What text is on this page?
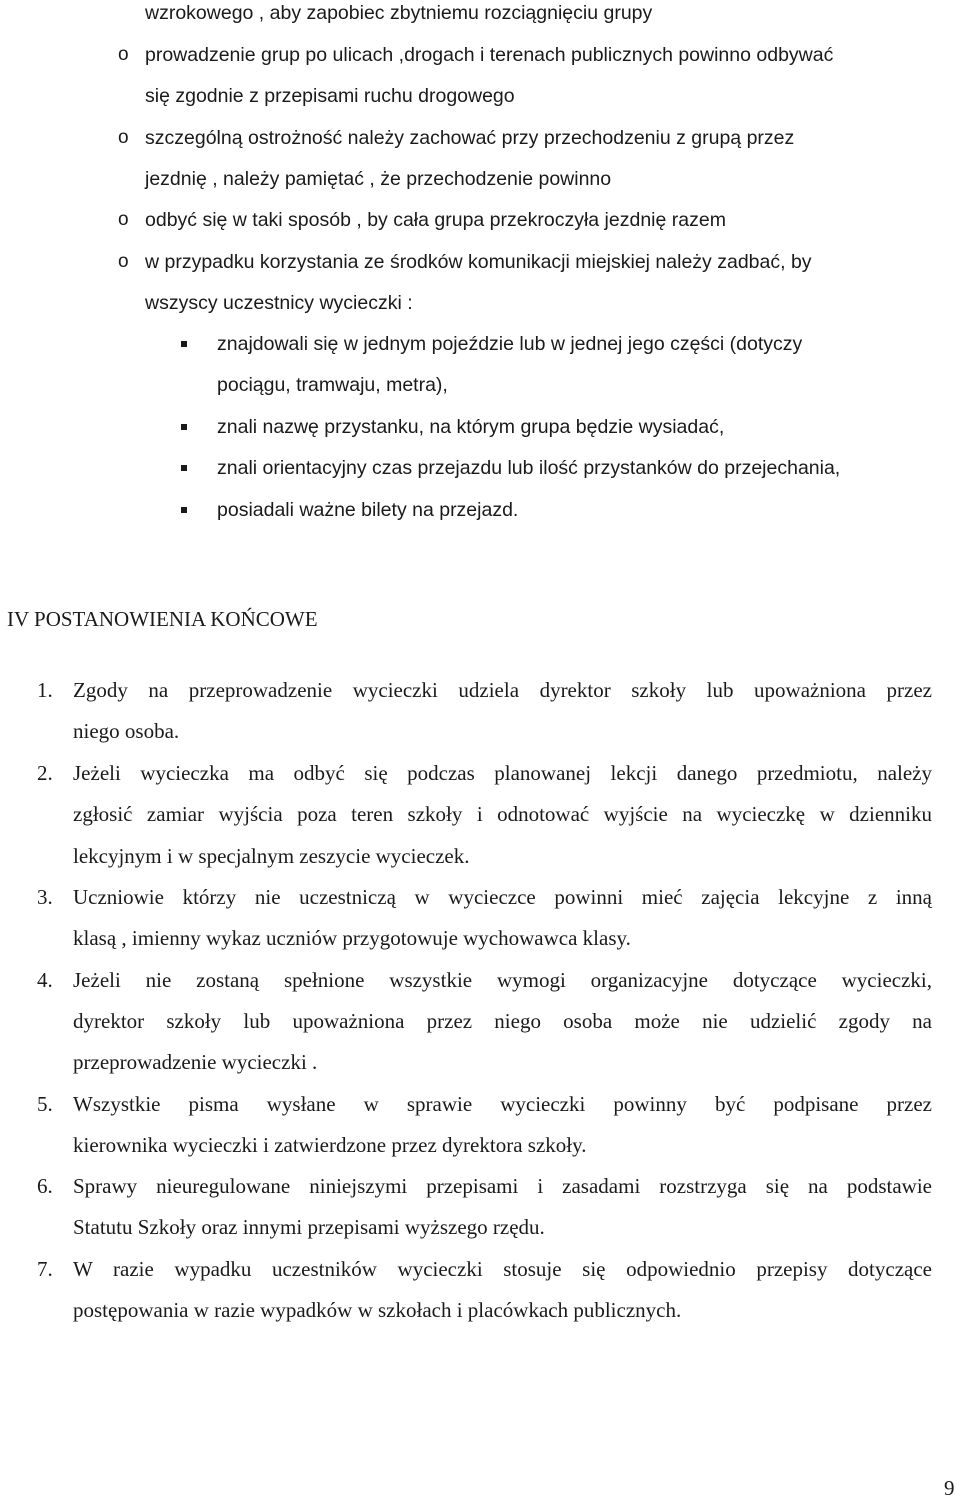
wzrokowego , aby zapobiec zbytniemu rozciągnięciu grupy
o prowadzenie grup po ulicach ,drogach i terenach publicznych powinno odbywać
się zgodnie z przepisami ruchu drogowego
o szczególną ostrożność należy zachować przy przechodzeniu z grupą przez
jezdnię , należy pamiętać , że przechodzenie powinno
o odbyć się w taki sposób , by cała grupa przekroczyła jezdnię razem
o w przypadku korzystania ze środków komunikacji miejskiej należy zadbać, by
wszyscy uczestnicy wycieczki :
znajdowali się w jednym pojeździe lub w jednej jego części (dotyczy
pociągu, tramwaju, metra),
znali nazwę przystanku, na którym grupa będzie wysiadać,
znali orientacyjny czas przejazdu lub ilość przystanków do przejechania,
posiadali ważne bilety na przejazd.
IV POSTANOWIENIA KOŃCOWE
1. Zgody na przeprowadzenie wycieczki udziela dyrektor szkoły lub upoważniona przez
niego osoba.
2. Jeżeli wycieczka ma odbyć się podczas planowanej lekcji danego przedmiotu, należy
zgłosić zamiar wyjścia poza teren szkoły i odnotować wyjście na wycieczkę w dzienniku
lekcyjnym i w specjalnym zeszycie wycieczek.
3. Uczniowie którzy nie uczestniczą w wycieczce powinni mieć zajęcia lekcyjne z inną
klasą , imienny wykaz uczniów przygotowuje wychowawca klasy.
4. Jeżeli nie zostaną spełnione wszystkie wymogi organizacyjne dotyczące wycieczki,
dyrektor szkoły lub upoważniona przez niego osoba może nie udzielić zgody na
przeprowadzenie wycieczki .
5. Wszystkie pisma wysłane w sprawie wycieczki powinny być podpisane przez
kierownika wycieczki i zatwierdzone przez dyrektora szkoły.
6. Sprawy nieuregulowane niniejszymi przepisami i zasadami rozstrzyga się na podstawie
Statutu Szkoły oraz innymi przepisami wyższego rzędu.
7. W razie wypadku uczestników wycieczki stosuje się odpowiednio przepisy dotyczące
postępowania w razie wypadków w szkołach i placówkach publicznych.
9
